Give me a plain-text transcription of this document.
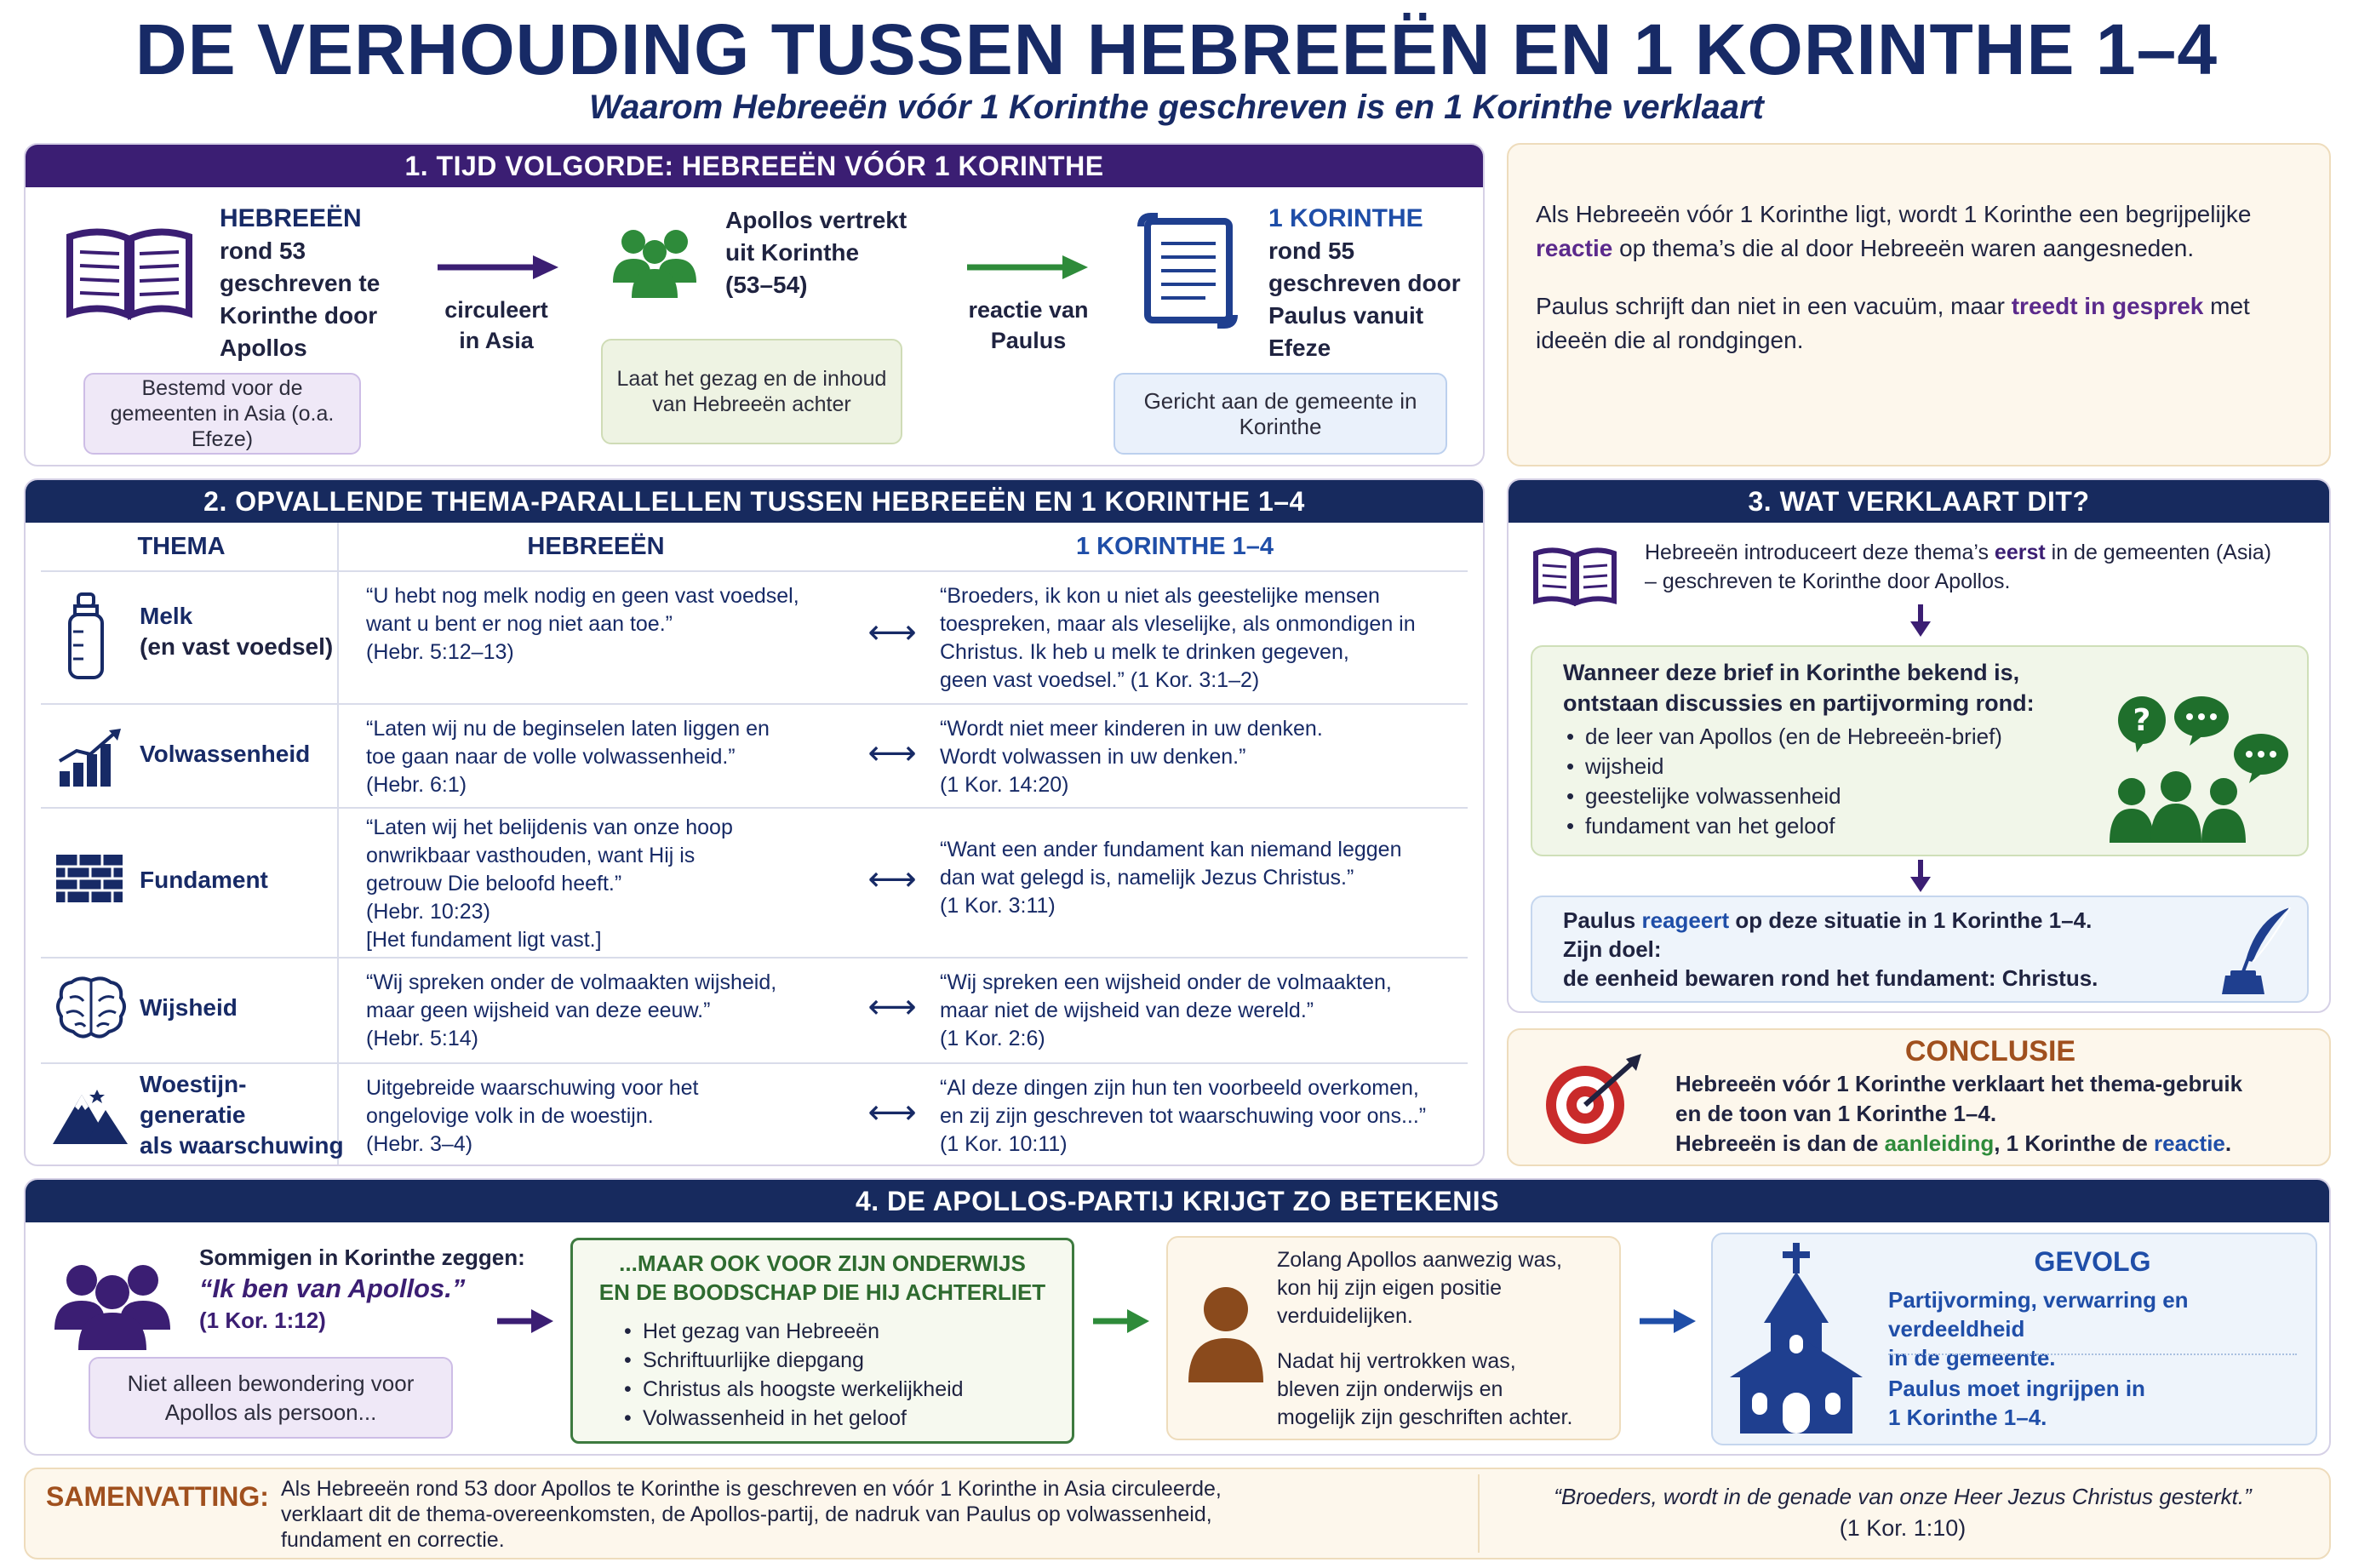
DE VERHOUDING TUSSEN HEBREEËN EN 1 KORINTHE 1–4
Waarom Hebreeën vóór 1 Korinthe geschreven is en 1 Korinthe verklaart
1. TIJD VOLGORDE: HEBREEËN VÓÓR 1 KORINTHE
HEBREEËN
rond 53
geschreven te
Korinthe door
Apollos
Bestemd voor de gemeenten in Asia (o.a. Efeze)
circuleert
in Asia
Apollos vertrekt
uit Korinthe
(53–54)
Laat het gezag en de inhoud van Hebreeën achter
reactie van
Paulus
1 KORINTHE
rond 55
geschreven door
Paulus vanuit
Efeze
Gericht aan de gemeente in Korinthe
Als Hebreeën vóór 1 Korinthe ligt, wordt 1 Korinthe een begrijpelijke reactie op thema’s die al door Hebreeën waren aangesneden.
Paulus schrijft dan niet in een vacuüm, maar treedt in gesprek met ideeën die al rondgingen.
2. OPVALLENDE THEMA-PARALLELLEN TUSSEN HEBREEËN EN 1 KORINTHE 1–4
THEMA	HEBREEËN	1 KORINTHE 1–4
Melk
(en vast voedsel)
“U hebt nog melk nodig en geen vast voedsel,
want u bent er nog niet aan toe.”
(Hebr. 5:12–13)
⟷
“Broeders, ik kon u niet als geestelijke mensen
toespreken, maar als vleselijke, als onmondigen in
Christus. Ik heb u melk te drinken gegeven,
geen vast voedsel.” (1 Kor. 3:1–2)
Volwassenheid
“Laten wij nu de beginselen laten liggen en
toe gaan naar de volle volwassenheid.”
(Hebr. 6:1)
⟷
“Wordt niet meer kinderen in uw denken.
Wordt volwassen in uw denken.”
(1 Kor. 14:20)
Fundament
“Laten wij het belijdenis van onze hoop
onwrikbaar vasthouden, want Hij is
getrouw Die beloofd heeft.”
(Hebr. 10:23)
[Het fundament ligt vast.]
⟷
“Want een ander fundament kan niemand leggen
dan wat gelegd is, namelijk Jezus Christus.”
(1 Kor. 3:11)
Wijsheid
“Wij spreken onder de volmaakten wijsheid,
maar geen wijsheid van deze eeuw.”
(Hebr. 5:14)
⟷
“Wij spreken een wijsheid onder de volmaakten,
maar niet de wijsheid van deze wereld.”
(1 Kor. 2:6)
Woestijn-
generatie
als waarschuwing
Uitgebreide waarschuwing voor het
ongelovige volk in de woestijn.
(Hebr. 3–4)
⟷
“Al deze dingen zijn hun ten voorbeeld overkomen,
en zij zijn geschreven tot waarschuwing voor ons...”
(1 Kor. 10:11)
3. WAT VERKLAART DIT?
Hebreeën introduceert deze thema’s eerst in de gemeenten (Asia)
– geschreven te Korinthe door Apollos.
Wanneer deze brief in Korinthe bekend is,
ontstaan discussies en partijvorming rond:
• de leer van Apollos (en de Hebreeën-brief)
• wijsheid
• geestelijke volwassenheid
• fundament van het geloof
?
Paulus reageert op deze situatie in 1 Korinthe 1–4.
Zijn doel:
de eenheid bewaren rond het fundament: Christus.
CONCLUSIE
Hebreeën vóór 1 Korinthe verklaart het thema-gebruik
en de toon van 1 Korinthe 1–4.
Hebreeën is dan de aanleiding, 1 Korinthe de reactie.
4. DE APOLLOS-PARTIJ KRIJGT ZO BETEKENIS
Sommigen in Korinthe zeggen:
“Ik ben van Apollos.”
(1 Kor. 1:12)
Niet alleen bewondering voor Apollos als persoon...
...MAAR OOK VOOR ZIJN ONDERWIJS
EN DE BOODSCHAP DIE HIJ ACHTERLIET
• Het gezag van Hebreeën
• Schriftuurlijke diepgang
• Christus als hoogste werkelijkheid
• Volwassenheid in het geloof
Zolang Apollos aanwezig was,
kon hij zijn eigen positie
verduidelijken.
Nadat hij vertrokken was,
bleven zijn onderwijs en
mogelijk zijn geschriften achter.
GEVOLG
Partijvorming, verwarring en verdeeldheid
in de gemeente.
Paulus moet ingrijpen in
1 Korinthe 1–4.
SAMENVATTING: Als Hebreeën rond 53 door Apollos te Korinthe is geschreven en vóór 1 Korinthe in Asia circuleerde,
verklaart dit de thema-overeenkomsten, de Apollos-partij, de nadruk van Paulus op volwassenheid,
fundament en correctie.
“Broeders, wordt in de genade van onze Heer Jezus Christus gesterkt.”
(1 Kor. 1:10)
